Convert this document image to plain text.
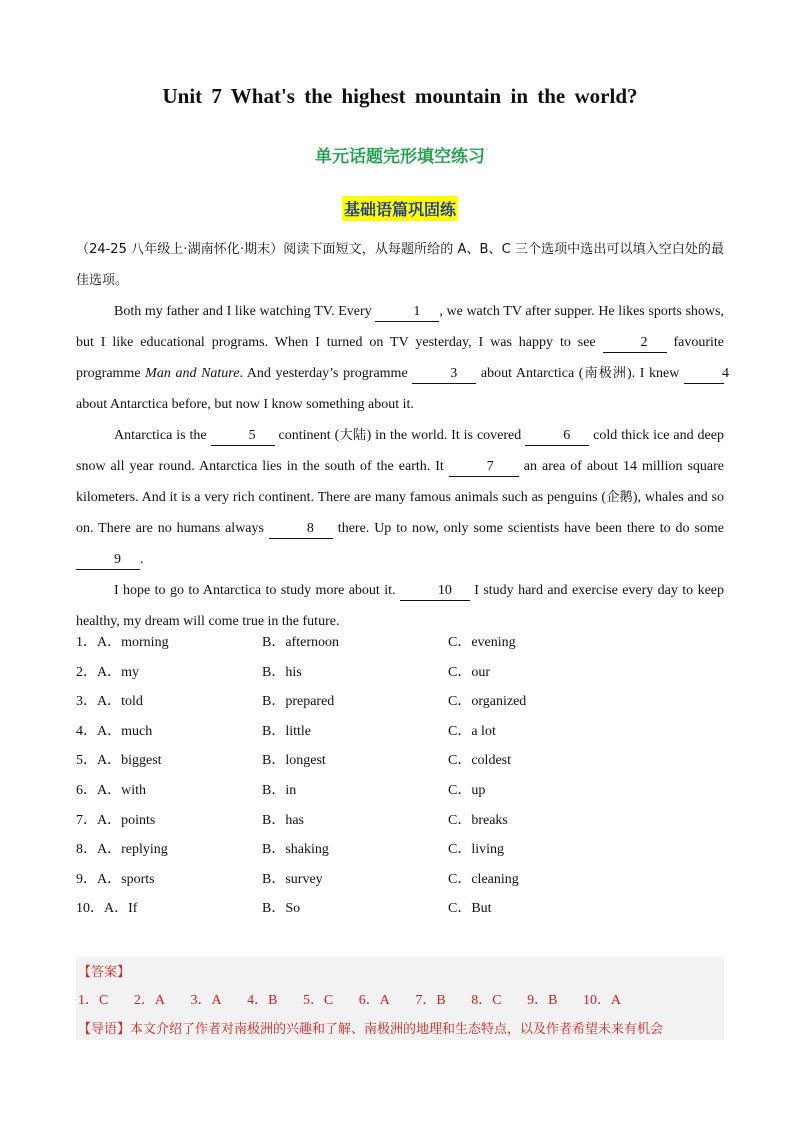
Unit 7 What's the highest mountain in the world?
单元话题完形填空练习
基础语篇巩固练

（24-25 八年级上·湖南怀化·期末）阅读下面短文，从每题所给的 A、B、C 三个选项中选出可以填入空白处的最佳选项。

Both my father and I like watching TV. Every	1 , we watch TV after supper. He likes sports shows, but I like educational programs. When I turned on TV yesterday, I was happy to see	2 favourite programme Man and Nature. And yesterday’s programme	3 about Antarctica (南极洲). I knew	4 about Antarctica before, but now I know something about it.

Antarctica is the	5 continent (大陆) in the world. It is covered	6 cold thick ice and deep snow all year round. Antarctica lies in the south of the earth. It	7 an area of about 14 million square kilometers. And it is a very rich continent. There are many famous animals such as penguins (企鹅), whales and so on. There are no humans always	8 there. Up to now, only some scientists have been there to do some 9 .

I hope to go to Antarctica to study more about it.	10 I study hard and exercise every day to keep healthy, my dream will come true in the future.

1．A．morning	B．afternoon	C．evening
2．A．my	B．his	C．our
3．A．told	B．prepared	C．organized
4．A．much	B．little	C．a lot
5．A．biggest	B．longest	C．coldest
6．A．with	B．in	C．up
7．A．points	B．has	C．breaks
8．A．replying	B．shaking	C．living
9．A．sports	B．survey	C．cleaning
10．A．If	B．So	C．But
【答案】
1．C 2．A 3．A 4．B 5．C 6．A 7．B 8．C 9．B 10．A
【导语】本文介绍了作者对南极洲的兴趣和了解、南极洲的地理和生态特点，以及作者希望未来有机会
